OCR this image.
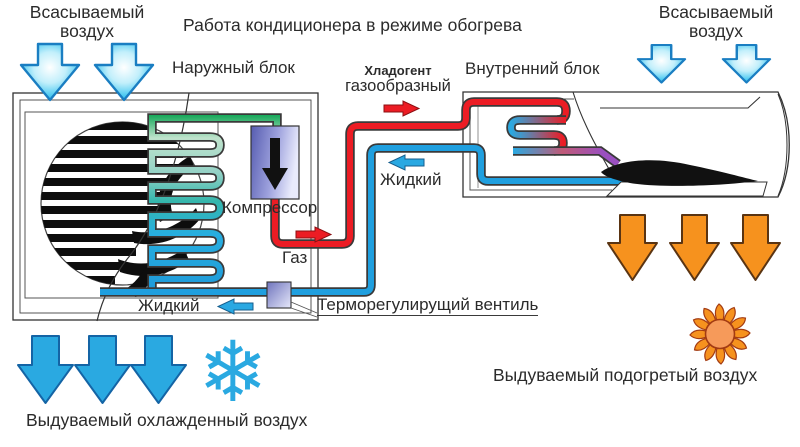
❄
Всасываемый
воздух	Работа кондиционера в режиме обогрева
Наружный блок	Хладогент
газообразный
Внутренний блок
Всасываемый
воздух
Компрессор
Газ
Жидкий
Жидкий	Терморегулирущий вентиль
Выдуваемый охлажденный воздух
Выдуваемый подогретый воздух
